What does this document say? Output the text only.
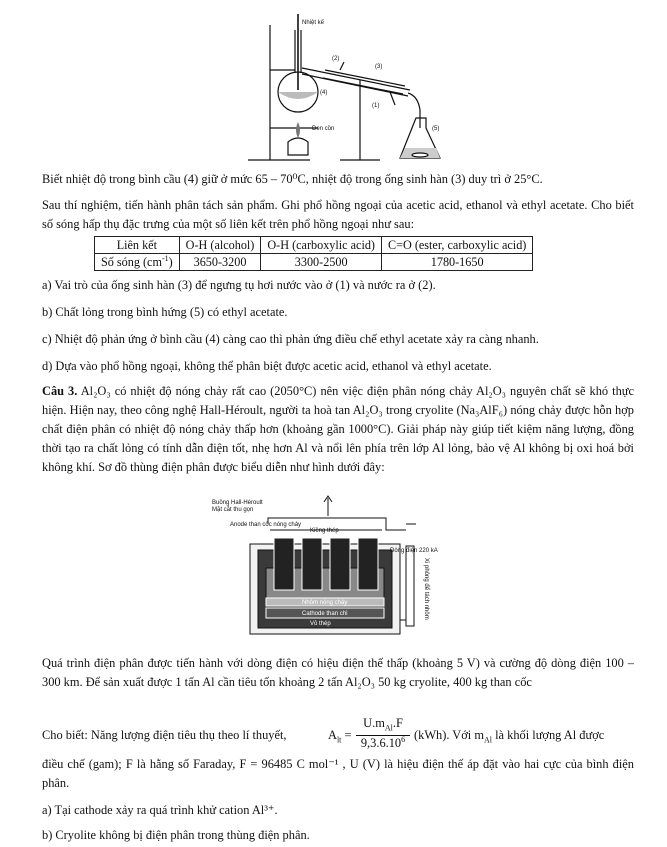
Nhiệt kế
(2)
(3)
(4)
(1)
(5)
Đen cồn
Biết nhiệt độ trong bình cầu (4) giữ ở mức 65 – 70⁰C, nhiệt độ trong ống sinh hàn (3) duy trì ở 25°C.
Sau thí nghiệm, tiến hành phân tách sản phẩm. Ghi phổ hồng ngoại của acetic acid, ethanol và ethyl acetate. Cho biết số sóng hấp thụ đặc trưng của một số liên kết trên phổ hồng ngoại như sau:
Liên kết	O-H (alcohol)	O-H (carboxylic acid)	C=O (ester, carboxylic acid)
Số sóng $(cm^{-1})$	3650-3200	3300-2500	1780-1650
a) Vai trò của ống sinh hàn (3) để ngưng tụ hơi nước vào ở (1) và nước ra ở (2).
b) Chất lỏng trong bình hứng (5) có ethyl acetate.
c) Nhiệt độ phản ứng ở bình cầu (4) càng cao thì phản ứng điều chế ethyl acetate xảy ra càng nhanh.
d) Dựa vào phổ hồng ngoại, không thể phân biệt được acetic acid, ethanol và ethyl acetate.
Câu 3. Al₂O₃ có nhiệt độ nóng chảy rất cao (2050°C) nên việc điện phân nóng chảy Al₂O₃ nguyên chất sẽ khó thực hiện. Hiện nay, theo công nghệ Hall-Héroult, người ta hoà tan Al₂O₃ trong cryolite (Na₃AlF₆) nóng chảy được hỗn hợp chất điện phân có nhiệt độ nóng chảy thấp hơn (khoảng gần 1000°C). Giải pháp này giúp tiết kiệm năng lượng, đồng thời tạo ra chất lỏng có tính dẫn điện tốt, nhẹ hơn Al và nổi lên phía trên lớp Al lỏng, bảo vệ Al không bị oxi hoá bởi không khí. Sơ đồ thùng điện phân được biểu diễn như hình dưới đây:
Buồng Hall-Héroult
Mặt cắt thu gọn
Anode than cốc nóng chảy
Kiềng thép
Dòng điện 220 kA
Xi phông để tách nhôm
Nhôm nóng chảy
Cathode than chì
Vỏ thép
Quá trình điện phân được tiến hành với dòng điện có hiệu điện thế thấp (khoảng 5 V) và cường độ dòng điện 100 – 300 km. Để sản xuất được 1 tấn Al cần tiêu tốn khoảng 2 tấn Al₂O₃ 50 kg cryolite, 400 kg than cốc
Cho biết: Năng lượng điện tiêu thụ theo lí thuyết,	$A_{lt}$ =
$U.m_{Al}.F$
9,3.6.10$^6$ (kWh). Với $m_{Al}$ là khối lượng Al được
điều chế (gam); F là hằng số Faraday, F = 96485 C mol⁻¹ , U (V) là hiệu điện thế áp đặt vào hai cực của bình điện phân.
a) Tại cathode xảy ra quá trình khử cation Al³⁺.
b) Cryolite không bị điện phân trong thùng điện phân.
